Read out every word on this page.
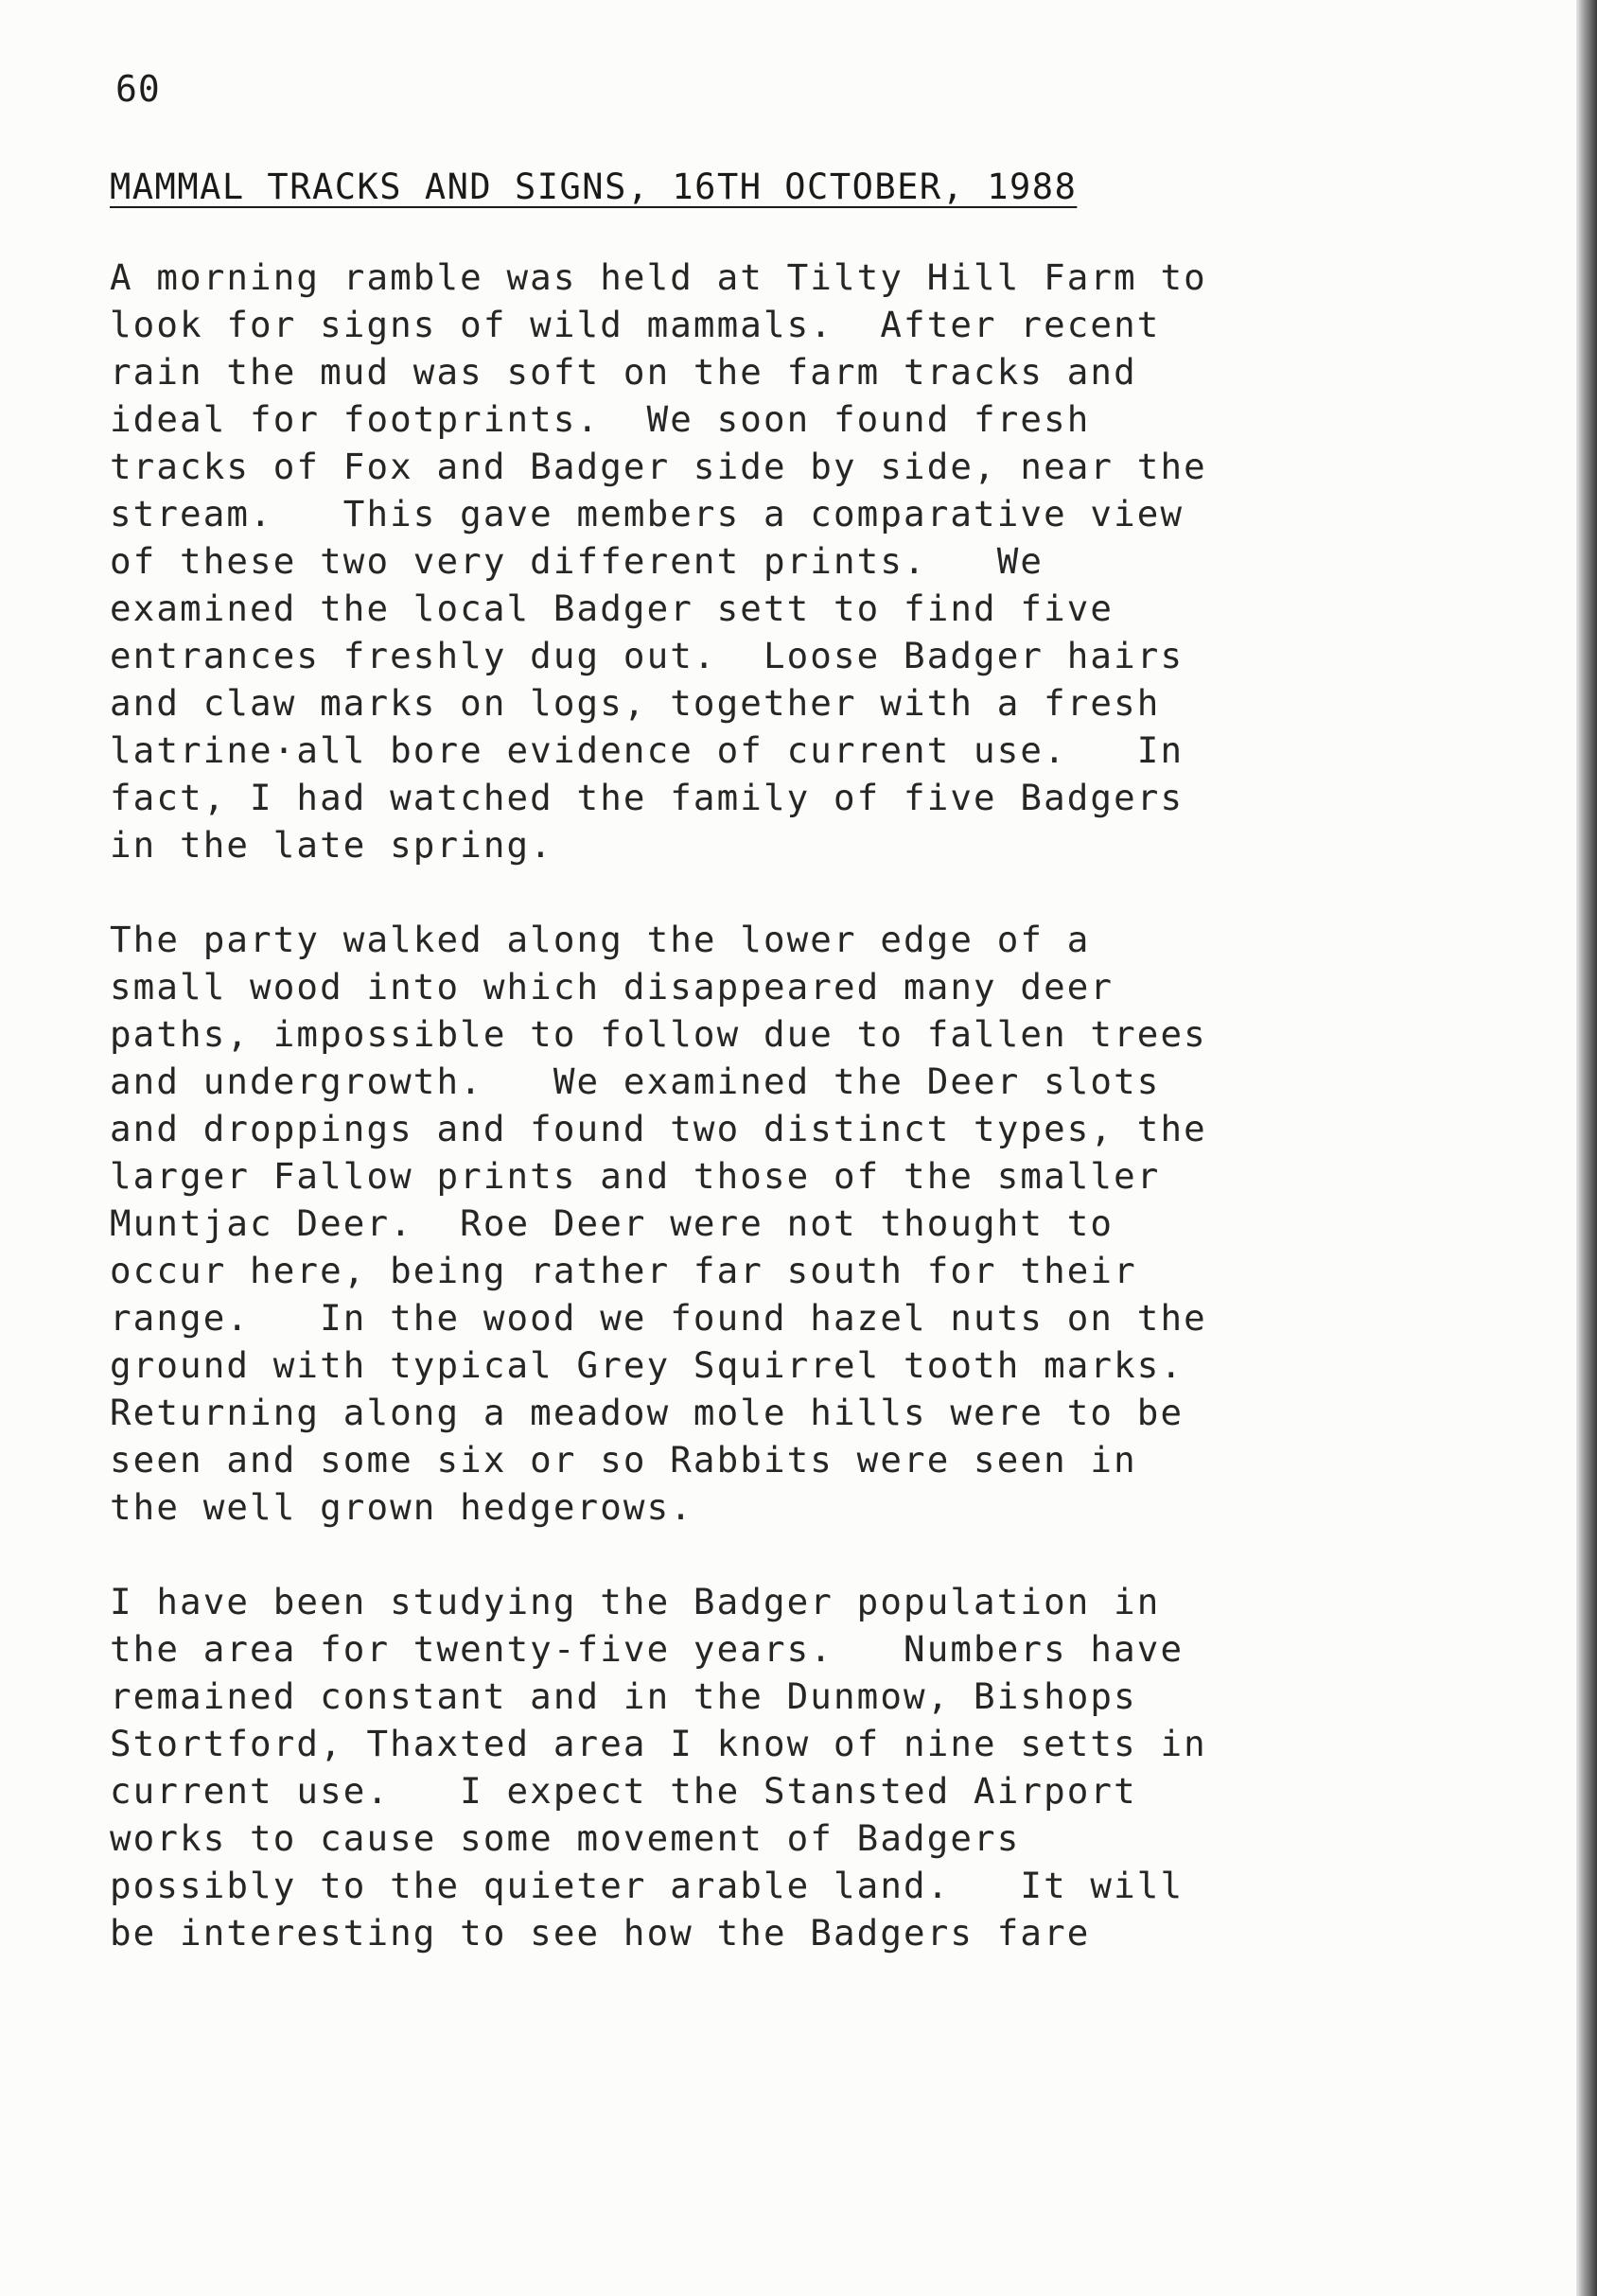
60
MAMMAL TRACKS AND SIGNS, 16TH OCTOBER, 1988
A morning ramble was held at Tilty Hill Farm to
look for signs of wild mammals.  After recent
rain the mud was soft on the farm tracks and
ideal for footprints.  We soon found fresh
tracks of Fox and Badger side by side, near the
stream.   This gave members a comparative view
of these two very different prints.   We
examined the local Badger sett to find five
entrances freshly dug out.  Loose Badger hairs
and claw marks on logs, together with a fresh
latrine·all bore evidence of current use.   In
fact, I had watched the family of five Badgers
in the late spring.
The party walked along the lower edge of a
small wood into which disappeared many deer
paths, impossible to follow due to fallen trees
and undergrowth.   We examined the Deer slots
and droppings and found two distinct types, the
larger Fallow prints and those of the smaller
Muntjac Deer.  Roe Deer were not thought to
occur here, being rather far south for their
range.   In the wood we found hazel nuts on the
ground with typical Grey Squirrel tooth marks.
Returning along a meadow mole hills were to be
seen and some six or so Rabbits were seen in
the well grown hedgerows.
I have been studying the Badger population in
the area for twenty-five years.   Numbers have
remained constant and in the Dunmow, Bishops
Stortford, Thaxted area I know of nine setts in
current use.   I expect the Stansted Airport
works to cause some movement of Badgers
possibly to the quieter arable land.   It will
be interesting to see how the Badgers fare
